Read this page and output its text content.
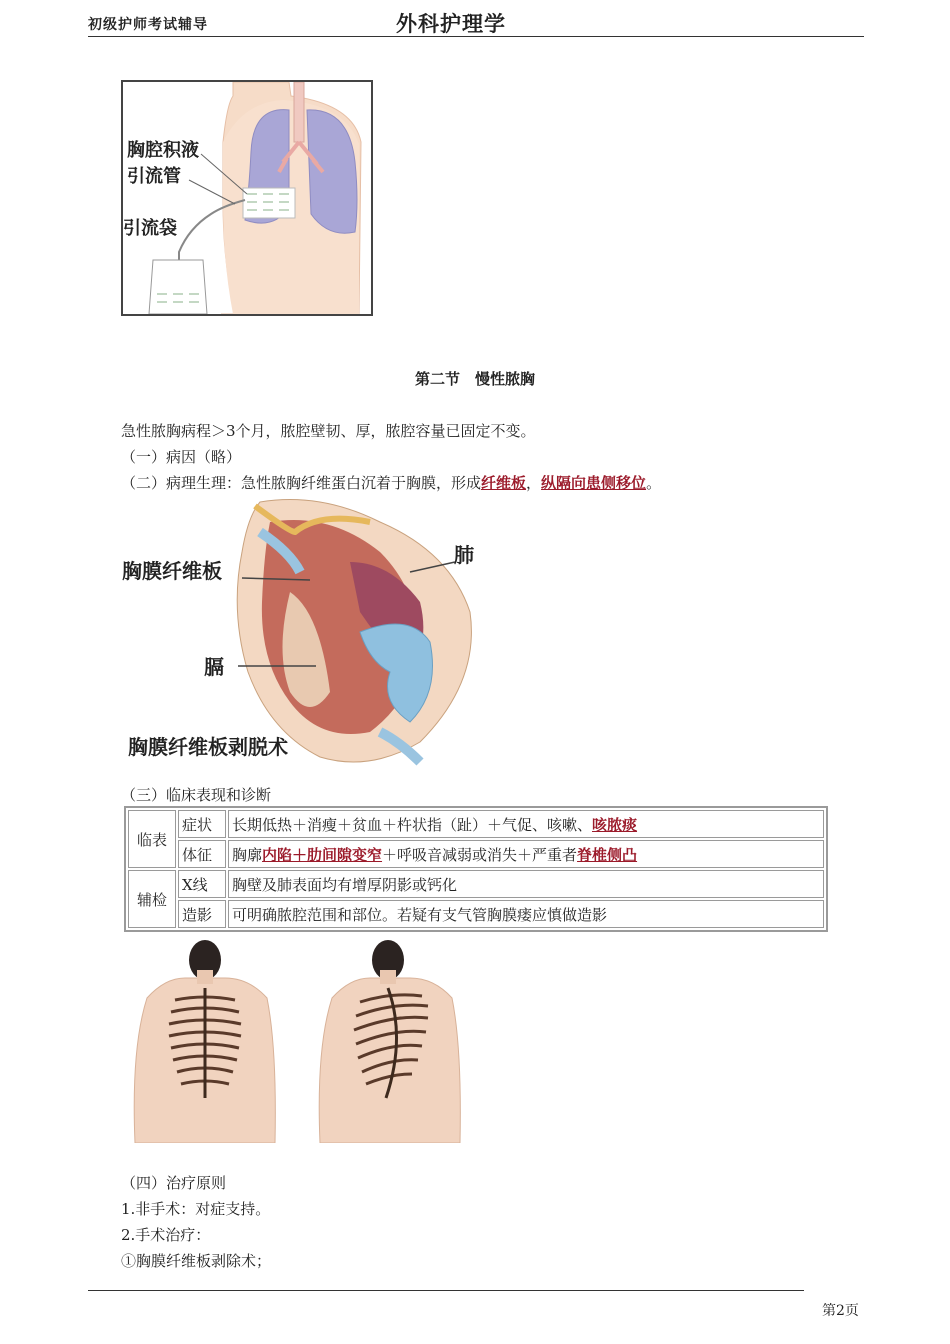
初级护师考试辅导	外科护理学
胸腔积液
引流管
引流袋
第二节　慢性脓胸
急性脓胸病程＞3个月，脓腔壁韧、厚，脓腔容量已固定不变。
（一）病因（略）
（二）病理生理：急性脓胸纤维蛋白沉着于胸膜，形成纤维板，纵隔向患侧移位。
肺
胸膜纤维板
膈
胸膜纤维板剥脱术
（三）临床表现和诊断
临表	症状	长期低热＋消瘦＋贫血＋杵状指（趾）＋气促、咳嗽、咳脓痰
	体征	胸廓内陷＋肋间隙变窄＋呼吸音减弱或消失＋严重者脊椎侧凸
辅检	X线	胸壁及肺表面均有增厚阴影或钙化
	造影	可明确脓腔范围和部位。若疑有支气管胸膜瘘应慎做造影
（四）治疗原则
1.非手术：对症支持。
2.手术治疗：
①胸膜纤维板剥除术；
第2页
